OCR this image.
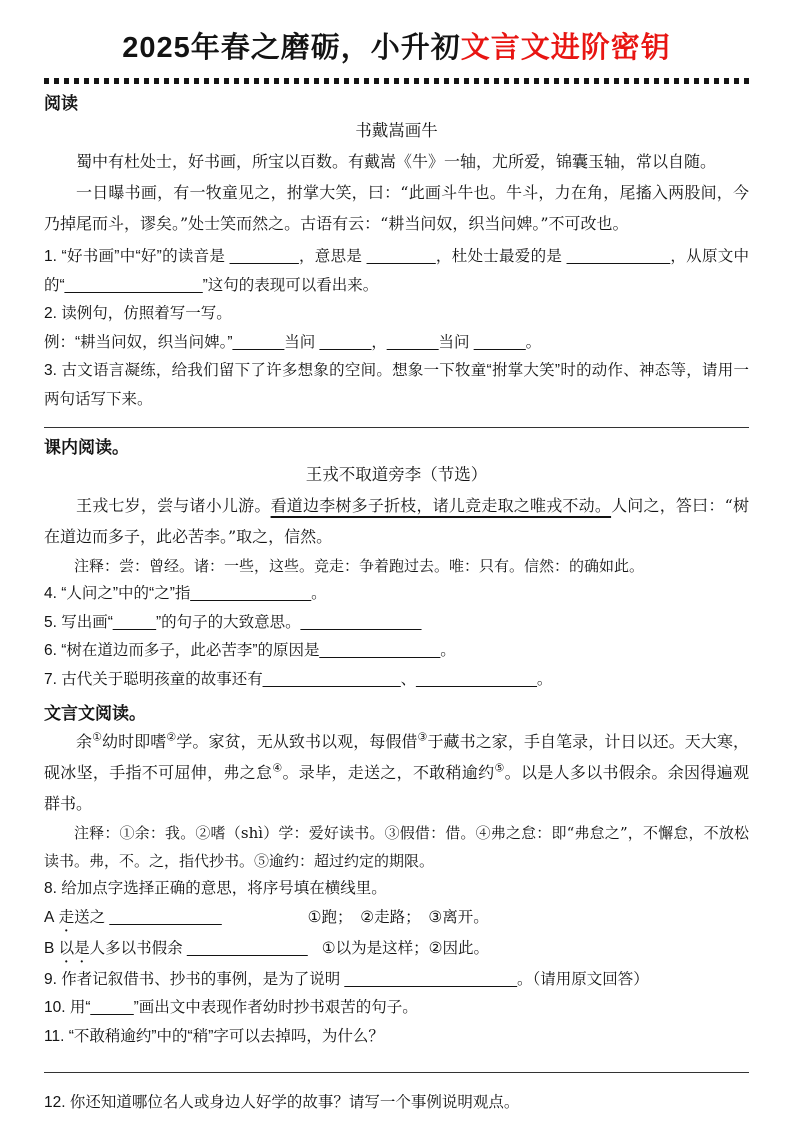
2025年春之磨砺，小升初文言文进阶密钥
阅读
书戴嵩画牛

蜀中有杜处士，好书画，所宝以百数。有戴嵩《牛》一轴，尤所爱，锦囊玉轴，常以自随。

一日曝书画，有一牧童见之，拊掌大笑，曰：“此画斗牛也。牛斗，力在角，尾搐入两股间，今乃掉尾而斗，谬矣。”处士笑而然之。古语有云：“耕当问奴，织当问婢。”不可改也。

1. “好书画”中“好”的读音是 ________，意思是 ________，杜处士最爱的是 ____________，从原文中的“________________”这句的表现可以看出来。

2. 读例句，仿照着写一写。

例：“耕当问奴，织当问婢。”______当问 ______，______当问 ______。

3. 古文语言凝练，给我们留下了许多想象的空间。想象一下牧童“拊掌大笑”时的动作、神态等，请用一两句话写下来。

课内阅读。
王戎不取道旁李（节选）

王戎七岁，尝与诸小儿游。看道边李树多子折枝，诸儿竞走取之唯戎不动。人问之，答曰：“树在道边而多子，此必苦李。”取之，信然。

注释：尝：曾经。诸：一些，这些。竞走：争着跑过去。唯：只有。信然：的确如此。

4. “人问之”中的“之”指______________。

5. 写出画“_____”的句子的大致意思。______________

6. “树在道边而多子，此必苦李”的原因是______________。

7. 古代关于聪明孩童的故事还有________________、______________。

文言文阅读。

余①幼时即嗜②学。家贫，无从致书以观，每假借③于藏书之家，手自笔录，计日以还。天大寒，砚冰坚，手指不可屈伸，弗之怠④。录毕，走送之，不敢稍逾约⑤。以是人多以书假余。余因得遍观群书。

注释：①余：我。②嗜（shì）学：爱好读书。③假借：借。④弗之怠：即“弗怠之”，不懈怠，不放松读书。弗，不。之，指代抄书。⑤逾约：超过约定的期限。

8. 给加点字选择正确的意思，将序号填在横线里。

A 走送之 _____________	①跑；　②走路；　③离开。

B 以是人多以书假余 ______________ ①以为是这样；②因此。

9. 作者记叙借书、抄书的事例，是为了说明 ____________________。（请用原文回答）

10. 用“_____”画出文中表现作者幼时抄书艰苦的句子。

11. “不敢稍逾约”中的“稍”字可以去掉吗，为什么？

12. 你还知道哪位名人或身边人好学的故事？请写一个事例说明观点。
